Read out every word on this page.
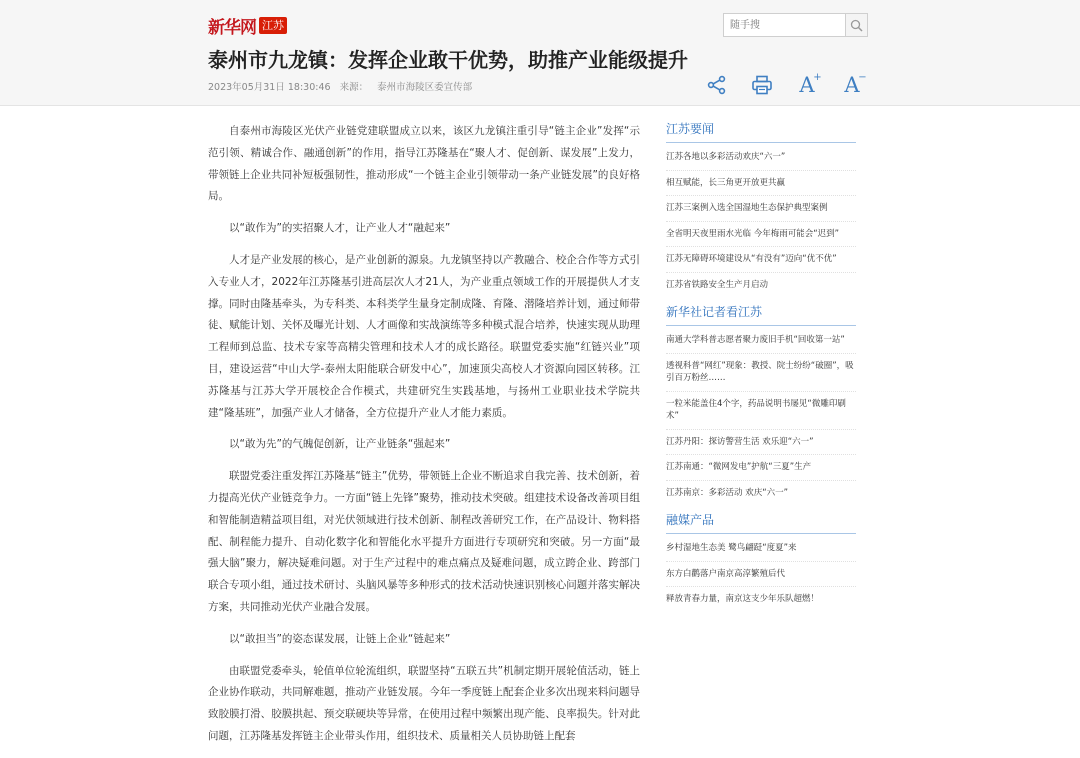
新华网 江苏
随手搜
泰州市九龙镇：发挥企业敢干优势，助推产业能级提升
2023年05月31日 18:30:46 来源： 泰州市海陵区委宣传部	A
+ A
−

自泰州市海陵区光伏产业链党建联盟成立以来，该区九龙镇注重引导“链主企业”发挥“示范引领、精诚合作、融通创新”的作用，指导江苏隆基在“聚人才、促创新、谋发展”上发力，带领链上企业共同补短板强韧性，推动形成“一个链主企业引领带动一条产业链发展”的良好格局。

以“敢作为”的实招聚人才，让产业人才“融起来”

人才是产业发展的核心，是产业创新的源泉。九龙镇坚持以产教融合、校企合作等方式引入专业人才，2022年江苏隆基引进高层次人才21人，为产业重点领域工作的开展提供人才支撑。同时由隆基牵头，为专科类、本科类学生量身定制成隆、育隆、潜隆培养计划，通过师带徒、赋能计划、关怀及曝光计划、人才画像和实战演练等多种模式混合培养，快速实现从助理工程师到总监、技术专家等高精尖管理和技术人才的成长路径。联盟党委实施“红链兴业”项目，建设运营“中山大学-泰州太阳能联合研发中心”，加速顶尖高校人才资源向园区转移。江苏隆基与江苏大学开展校企合作模式，共建研究生实践基地，与扬州工业职业技术学院共建“隆基班”，加强产业人才储备，全方位提升产业人才能力素质。

以“敢为先”的气魄促创新，让产业链条“强起来”

联盟党委注重发挥江苏隆基“链主”优势，带领链上企业不断追求自我完善、技术创新，着力提高光伏产业链竞争力。一方面“链上先锋”聚势，推动技术突破。组建技术设备改善项目组和智能制造精益项目组，对光伏领域进行技术创新、制程改善研究工作，在产品设计、物料搭配、制程能力提升、自动化数字化和智能化水平提升方面进行专项研究和突破。另一方面“最强大脑”聚力，解决疑难问题。对于生产过程中的难点痛点及疑难问题，成立跨企业、跨部门联合专项小组，通过技术研讨、头脑风暴等多种形式的技术活动快速识别核心问题并落实解决方案，共同推动光伏产业融合发展。

以“敢担当”的姿态谋发展，让链上企业“链起来”

由联盟党委牵头，轮值单位轮流组织，联盟坚持“五联五共”机制定期开展轮值活动，链上企业协作联动，共同解难题，推动产业链发展。今年一季度链上配套企业多次出现来料问题导致胶膜打滑、胶膜拱起、预交联硬块等异常，在使用过程中频繁出现产能、良率损失。针对此问题，江苏隆基发挥链主企业带头作用，组织技术、质量相关人员协助链上配套

江苏要闻
江苏各地以多彩活动欢庆“六一”
相互赋能，长三角更开放更共赢
江苏三案例入选全国湿地生态保护典型案例
全省明天夜里雨水光临 今年梅雨可能会“迟到”
江苏无障碍环境建设从“有没有”迈向“优不优”
江苏省铁路安全生产月启动
新华社记者看江苏
南通大学科普志愿者聚力废旧手机“回收第一站”
透视科普“网红”现象：教授、院士纷纷“破圈”，吸引百万粉丝……
一粒米能盖住4个字，药品说明书屡见“微雕印刷术”
江苏丹阳：探访警营生活 欢乐迎“六一”
江苏南通：“微网发电”护航“三夏”生产
江苏南京：多彩活动 欢庆“六一”
融媒产品
乡村湿地生态美 鹭鸟翩跹“度夏”来
东方白鹳落户南京高淳繁殖后代
释放青春力量，南京这支少年乐队超燃！
